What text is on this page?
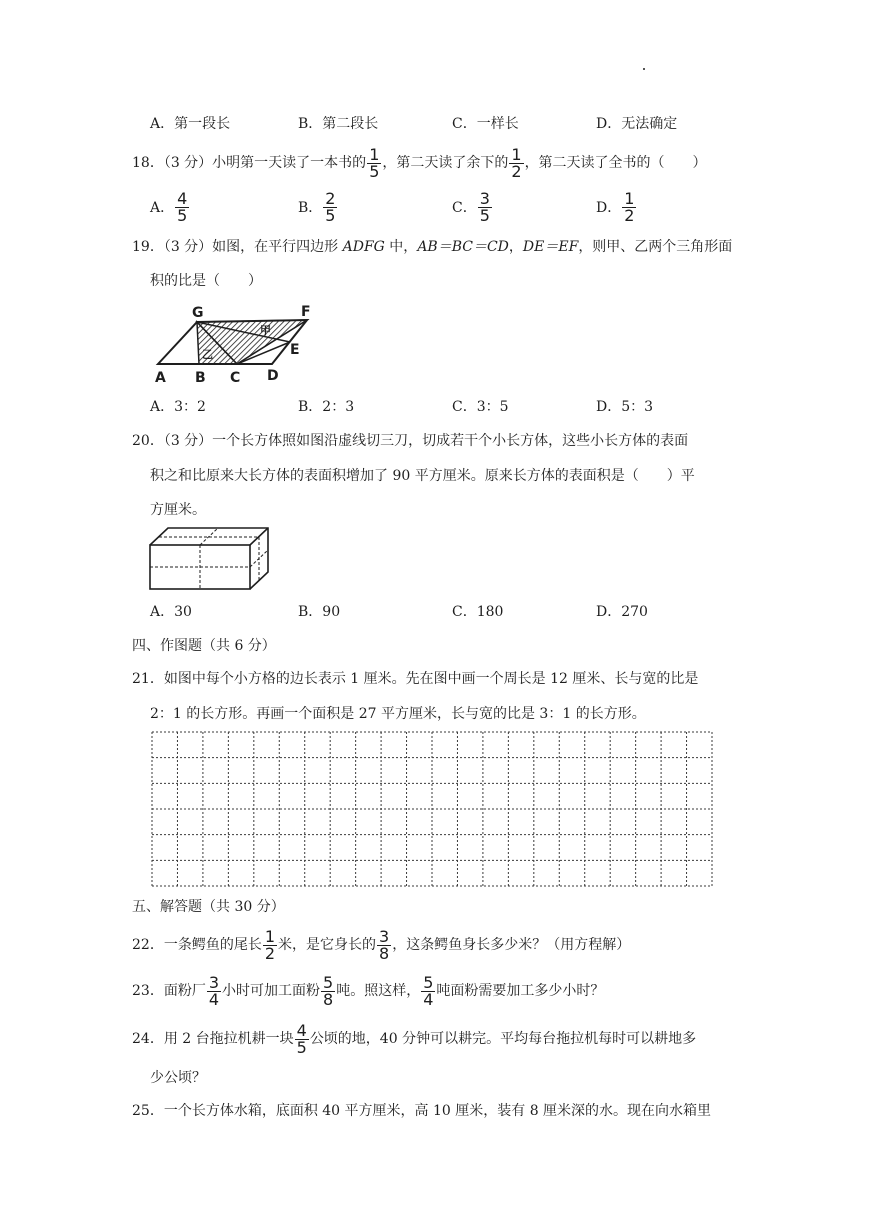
A．第一段长	B．第二段长	C．一样长	D．无法确定
18．（3 分）小明第一天读了一本书的 $\frac{1}{5}$ ，第二天读了余下的 $\frac{1}{2}$ ，第二天读了全书的（　　）
A． $\frac{4}{5}$	B． $\frac{2}{5}$	C． $\frac{3}{5}$	D． $\frac{1}{2}$
19．（3 分）如图，在平行四边形 ADFG 中，AB＝BC＝CD，DE＝EF，则甲、乙两个三角形面
积的比是（　　）
G	F
E
A B C D
甲
乙
A．3：2	B．2：3	C．3：5	D．5：3
20．（3 分）一个长方体照如图沿虚线切三刀，切成若干个小长方体，这些小长方体的表面
积之和比原来大长方体的表面积增加了 90 平方厘米。原来长方体的表面积是（　　）平
方厘米。
A．30	B．90	C．180	D．270
四、作图题（共 6 分）
21．如图中每个小方格的边长表示 1 厘米。先在图中画一个周长是 12 厘米、长与宽的比是
2：1 的长方形。再画一个面积是 27 平方厘米，长与宽的比是 3：1 的长方形。
五、解答题（共 30 分）
22．一条鳄鱼的尾长 $\frac{1}{2}$ 米，是它身长的 $\frac{3}{8}$ ，这条鳄鱼身长多少米？（用方程解）
23．面粉厂 $\frac{3}{4}$ 小时可加工面粉 $\frac{5}{8}$ 吨。照这样， $\frac{5}{4}$ 吨面粉需要加工多少小时？
24．用 2 台拖拉机耕一块 $\frac{4}{5}$ 公顷的地，40 分钟可以耕完。平均每台拖拉机每时可以耕地多
少公顷？
25．一个长方体水箱，底面积 40 平方厘米，高 10 厘米，装有 8 厘米深的水。现在向水箱里
